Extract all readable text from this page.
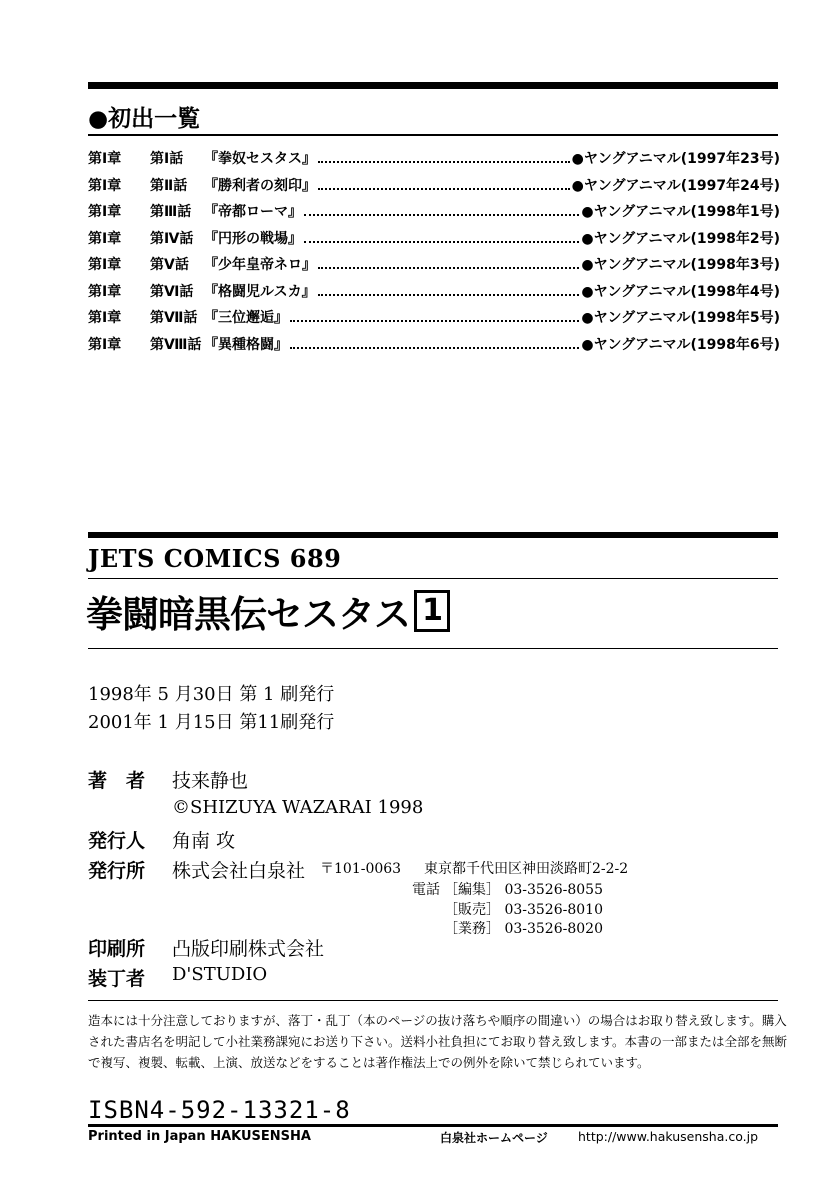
●初出一覧
第Ⅰ章	第Ⅰ話	『拳奴セスタス』	●ヤングアニマル(1997年23号)
第Ⅰ章	第Ⅱ話	『勝利者の刻印』	●ヤングアニマル(1997年24号)
第Ⅰ章	第Ⅲ話 『帝都ローマ』	●ヤングアニマル(1998年1号)
第Ⅰ章	第Ⅳ話 『円形の戦場』	●ヤングアニマル(1998年2号)
第Ⅰ章	第Ⅴ話	『少年皇帝ネロ』	●ヤングアニマル(1998年3号)
第Ⅰ章	第Ⅵ話 『格闘児ルスカ』	●ヤングアニマル(1998年4号)
第Ⅰ章	第Ⅶ話 『三位邂逅』	●ヤングアニマル(1998年5号)
第Ⅰ章	第Ⅷ話 『異種格闘』	●ヤングアニマル(1998年6号)
JETS COMICS 689
拳闘暗黒伝セスタス 1
1998年 5 月30日 第 1 刷発行
2001年 1 月15日 第11刷発行
著　者 技来静也
©SHIZUYA WAZARAI 1998
発行人 角南 攻
発行所 株式会社白泉社 〒101-0063 東京都千代田区神田淡路町2-2-2
電話 ［編集］ 03-3526-8055
［販売］ 03-3526-8010
［業務］ 03-3526-8020
印刷所 凸版印刷株式会社
装丁者 D'STUDIO
造本には十分注意しておりますが、落丁・乱丁（本のページの抜け落ちや順序の間違い）の場合はお取り替え致します。購入された書店名を明記して小社業務課宛にお送り下さい。送料小社負担にてお取り替え致します。本書の一部または全部を無断で複写、複製、転載、上演、放送などをすることは著作権法上での例外を除いて禁じられています。
ISBN4-592-13321-8
Printed in Japan HAKUSENSHA	白泉社ホームページ http://www.hakusensha.co.jp
